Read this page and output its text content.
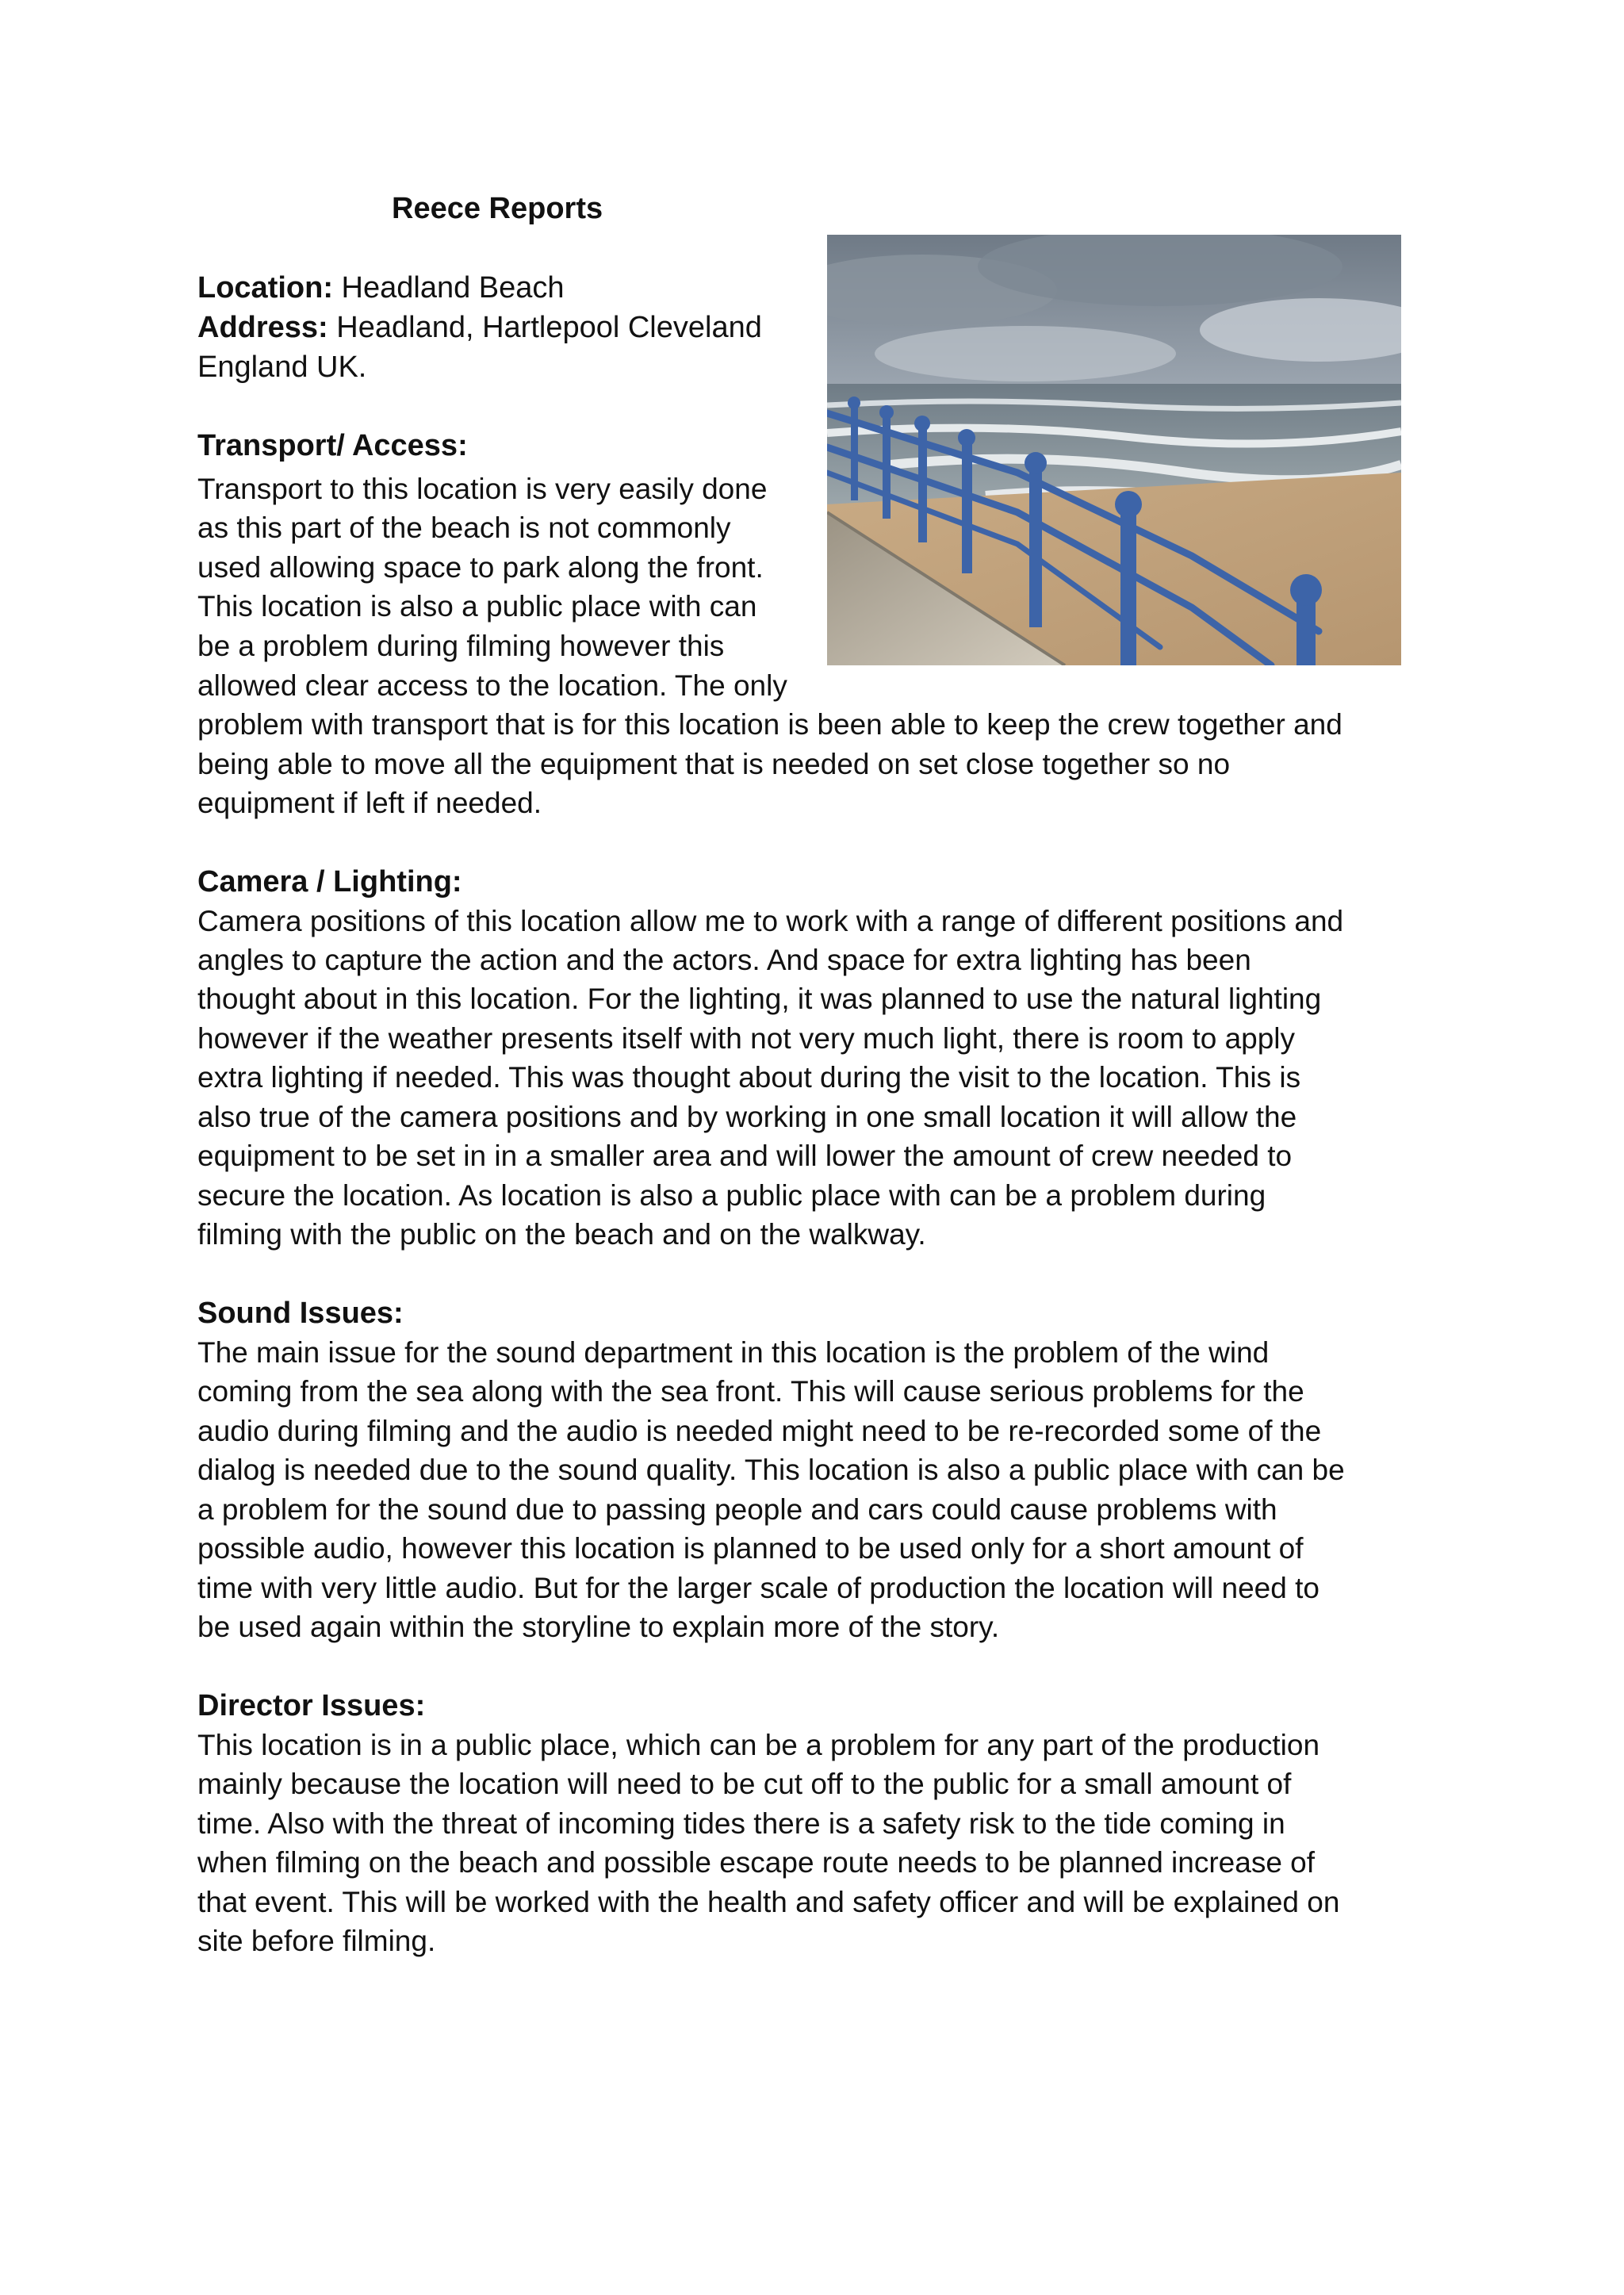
Reece Reports
Location: Headland Beach
Address: Headland, Hartlepool Cleveland
England UK.
Transport/ Access:
Transport to this location is very easily done
as this part of the beach is not commonly
used allowing space to park along the front.
This location is also a public place with can
be a problem during filming however this
allowed clear access to the location. The only
problem with transport that is for this location is been able to keep the crew together and
being able to move all the equipment that is needed on set close together so no
equipment if left if needed.
Camera / Lighting:
Camera positions of this location allow me to work with a range of different positions and
angles to capture the action and the actors. And space for extra lighting has been
thought about in this location. For the lighting, it was planned to use the natural lighting
however if the weather presents itself with not very much light, there is room to apply
extra lighting if needed. This was thought about during the visit to the location. This is
also true of the camera positions and by working in one small location it will allow the
equipment to be set in in a smaller area and will lower the amount of crew needed to
secure the location. As location is also a public place with can be a problem during
filming with the public on the beach and on the walkway.
Sound Issues:
The main issue for the sound department in this location is the problem of the wind
coming from the sea along with the sea front. This will cause serious problems for the
audio during filming and the audio is needed might need to be re-recorded some of the
dialog is needed due to the sound quality. This location is also a public place with can be
a problem for the sound due to passing people and cars could cause problems with
possible audio, however this location is planned to be used only for a short amount of
time with very little audio. But for the larger scale of production the location will need to
be used again within the storyline to explain more of the story.
Director Issues:
This location is in a public place, which can be a problem for any part of the production
mainly because the location will need to be cut off to the public for a small amount of
time. Also with the threat of incoming tides there is a safety risk to the tide coming in
when filming on the beach and possible escape route needs to be planned increase of
that event. This will be worked with the health and safety officer and will be explained on
site before filming.
